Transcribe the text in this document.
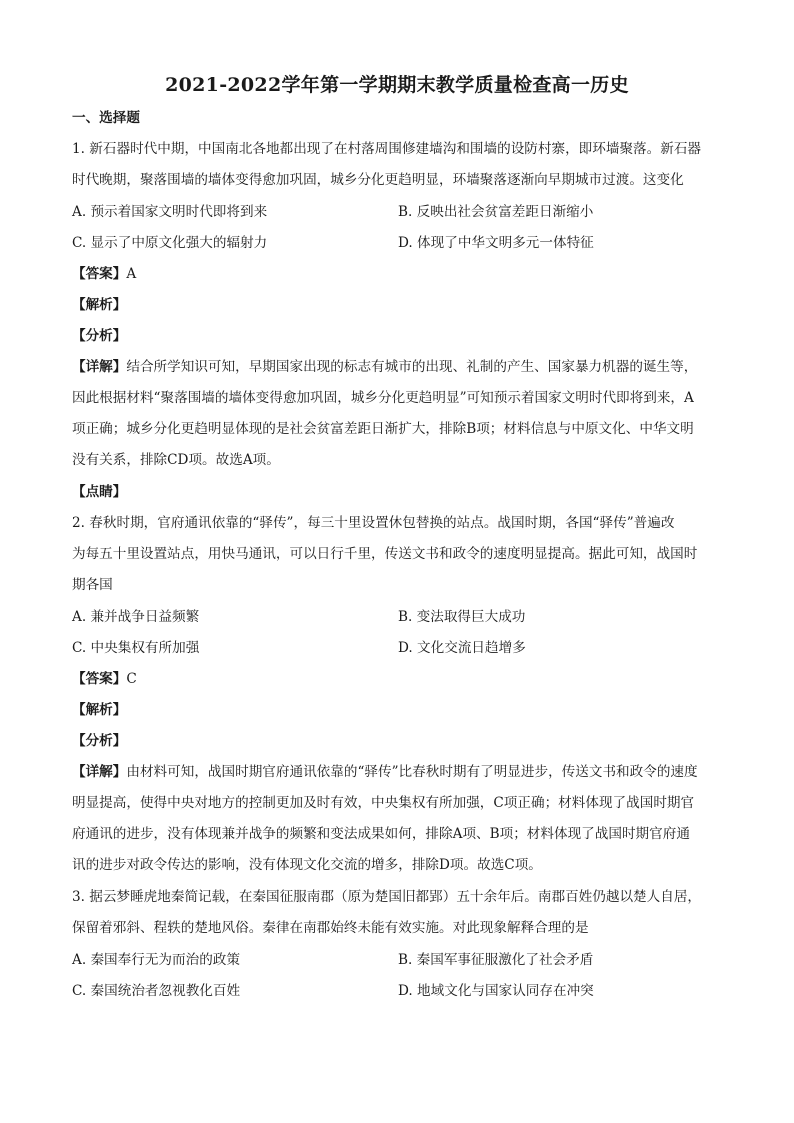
2021-2022学年第一学期期末教学质量检查高一历史
一、选择题
1. 新石器时代中期，中国南北各地都出现了在村落周围修建墙沟和围墙的设防村寨，即环墙聚落。新石器
时代晚期，聚落围墙的墙体变得愈加巩固，城乡分化更趋明显，环墙聚落逐渐向早期城市过渡。这变化
A. 预示着国家文明时代即将到来	B. 反映出社会贫富差距日渐缩小
C. 显示了中原文化强大的辐射力	D. 体现了中华文明多元一体特征
【答案】A
【解析】
【分析】
【详解】结合所学知识可知，早期国家出现的标志有城市的出现、礼制的产生、国家暴力机器的诞生等，
因此根据材料“聚落围墙的墙体变得愈加巩固，城乡分化更趋明显”可知预示着国家文明时代即将到来，A
项正确；城乡分化更趋明显体现的是社会贫富差距日渐扩大，排除B项；材料信息与中原文化、中华文明
没有关系，排除CD项。故选A项。
【点睛】
2. 春秋时期，官府通讯依靠的“驿传”，每三十里设置休包替换的站点。战国时期，各国“驿传”普遍改
为每五十里设置站点，用快马通讯，可以日行千里，传送文书和政令的速度明显提高。据此可知，战国时
期各国
A. 兼并战争日益频繁	B. 变法取得巨大成功
C. 中央集权有所加强	D. 文化交流日趋增多
【答案】C
【解析】
【分析】
【详解】由材料可知，战国时期官府通讯依靠的“驿传”比春秋时期有了明显进步，传送文书和政令的速度
明显提高，使得中央对地方的控制更加及时有效，中央集权有所加强，C项正确；材料体现了战国时期官
府通讯的进步，没有体现兼并战争的频繁和变法成果如何，排除A项、B项；材料体现了战国时期官府通
讯的进步对政令传达的影响，没有体现文化交流的增多，排除D项。故选C项。
3. 据云梦睡虎地秦简记载，在秦国征服南郡（原为楚国旧都郢）五十余年后。南郡百姓仍越以楚人自居，
保留着邪斜、程轶的楚地风俗。秦律在南郡始终未能有效实施。对此现象解释合理的是
A. 秦国奉行无为而治的政策	B. 秦国军事征服激化了社会矛盾
C. 秦国统治者忽视教化百姓	D. 地域文化与国家认同存在冲突
